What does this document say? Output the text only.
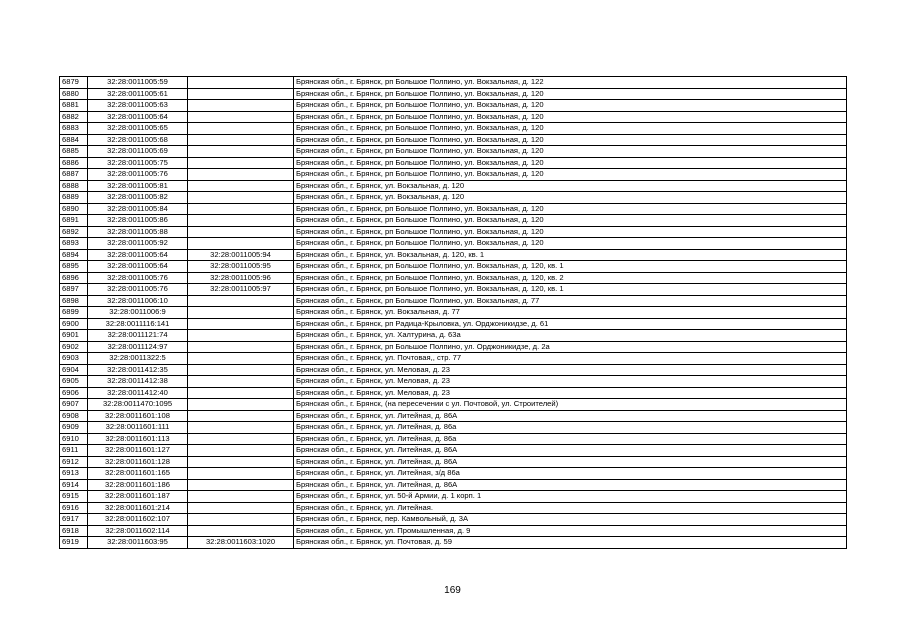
6879	32:28:0011005:59		Брянская обл., г. Брянск, рп Большое Полпино, ул. Вокзальная, д. 122
6880	32:28:0011005:61		Брянская обл., г. Брянск, рп Большое Полпино, ул. Вокзальная, д. 120
6881	32:28:0011005:63		Брянская обл., г. Брянск, рп Большое Полпино, ул. Вокзальная, д. 120
6882	32:28:0011005:64		Брянская обл., г. Брянск, рп Большое Полпино, ул. Вокзальная, д. 120
6883	32:28:0011005:65		Брянская обл., г. Брянск, рп Большое Полпино, ул. Вокзальная, д. 120
6884	32:28:0011005:68		Брянская обл., г. Брянск, рп Большое Полпино, ул. Вокзальная, д. 120
6885	32:28:0011005:69		Брянская обл., г. Брянск, рп Большое Полпино, ул. Вокзальная, д. 120
6886	32:28:0011005:75		Брянская обл., г. Брянск, рп Большое Полпино, ул. Вокзальная, д. 120
6887	32:28:0011005:76		Брянская обл., г. Брянск, рп Большое Полпино, ул. Вокзальная, д. 120
6888	32:28:0011005:81		Брянская обл., г. Брянск, ул. Вокзальная, д. 120
6889	32:28:0011005:82		Брянская обл., г. Брянск, ул. Вокзальная, д. 120
6890	32:28:0011005:84		Брянская обл., г. Брянск, рп Большое Полпино, ул. Вокзальная, д. 120
6891	32:28:0011005:86		Брянская обл., г. Брянск, рп Большое Полпино, ул. Вокзальная, д. 120
6892	32:28:0011005:88		Брянская обл., г. Брянск, рп Большое Полпино, ул. Вокзальная, д. 120
6893	32:28:0011005:92		Брянская обл., г. Брянск, рп Большое Полпино, ул. Вокзальная, д. 120
6894	32:28:0011005:64	32:28:0011005:94	Брянская обл., г. Брянск, ул. Вокзальная, д. 120, кв. 1
6895	32:28:0011005:64	32:28:0011005:95	Брянская обл., г. Брянск, рп Большое Полпино, ул. Вокзальная, д. 120, кв. 1
6896	32:28:0011005:76	32:28:0011005:96	Брянская обл., г. Брянск, рп Большое Полпино, ул. Вокзальная, д. 120, кв. 2
6897	32:28:0011005:76	32:28:0011005:97	Брянская обл., г. Брянск, рп Большое Полпино, ул. Вокзальная, д. 120, кв. 1
6898	32:28:0011006:10		Брянская обл., г. Брянск, рп Большое Полпино, ул. Вокзальная, д. 77
6899	32:28:0011006:9		Брянская обл., г. Брянск, ул. Вокзальная, д. 77
6900	32:28:0011116:141		Брянская обл., г. Брянск, рп Радица-Крыловка, ул. Орджоникидзе, д. 61
6901	32:28:0011121:74		Брянская обл., г. Брянск, ул. Халтурина, д. 63а
6902	32:28:0011124:97		Брянская обл., г. Брянск, рп Большое Полпино, ул. Орджоникидзе, д. 2а
6903	32:28:0011322:5		Брянская обл., г. Брянск, ул. Почтовая,, стр. 77
6904	32:28:0011412:35		Брянская обл., г. Брянск, ул. Меловая, д. 23
6905	32:28:0011412:38		Брянская обл., г. Брянск, ул. Меловая, д. 23
6906	32:28:0011412:40		Брянская обл., г. Брянск, ул. Меловая, д. 23
6907	32:28:0011470:1095		Брянская обл., г. Брянск, (на пересечении с ул. Почтовой, ул. Строителей)
6908	32:28:0011601:108		Брянская обл., г. Брянск, ул. Литейная, д. 86А
6909	32:28:0011601:111		Брянская обл., г. Брянск, ул. Литейная, д. 86а
6910	32:28:0011601:113		Брянская обл., г. Брянск, ул. Литейная, д. 86а
6911	32:28:0011601:127		Брянская обл., г. Брянск, ул. Литейная, д. 86А
6912	32:28:0011601:128		Брянская обл., г. Брянск, ул. Литейная, д. 86А
6913	32:28:0011601:165		Брянская обл., г. Брянск, ул. Литейная, з/д 86а
6914	32:28:0011601:186		Брянская обл., г. Брянск, ул. Литейная, д. 86А
6915	32:28:0011601:187		Брянская обл., г. Брянск, ул. 50-й Армии, д. 1 корп. 1
6916	32:28:0011601:214		Брянская обл., г. Брянск, ул. Литейная.
6917	32:28:0011602:107		Брянская обл., г. Брянск, пер. Камвольный, д. 3А
6918	32:28:0011602:114		Брянская обл., г. Брянск, ул. Промышленная, д. 9
6919	32:28:0011603:95	32:28:0011603:1020	Брянская обл., г. Брянск, ул. Почтовая, д. 59
169
